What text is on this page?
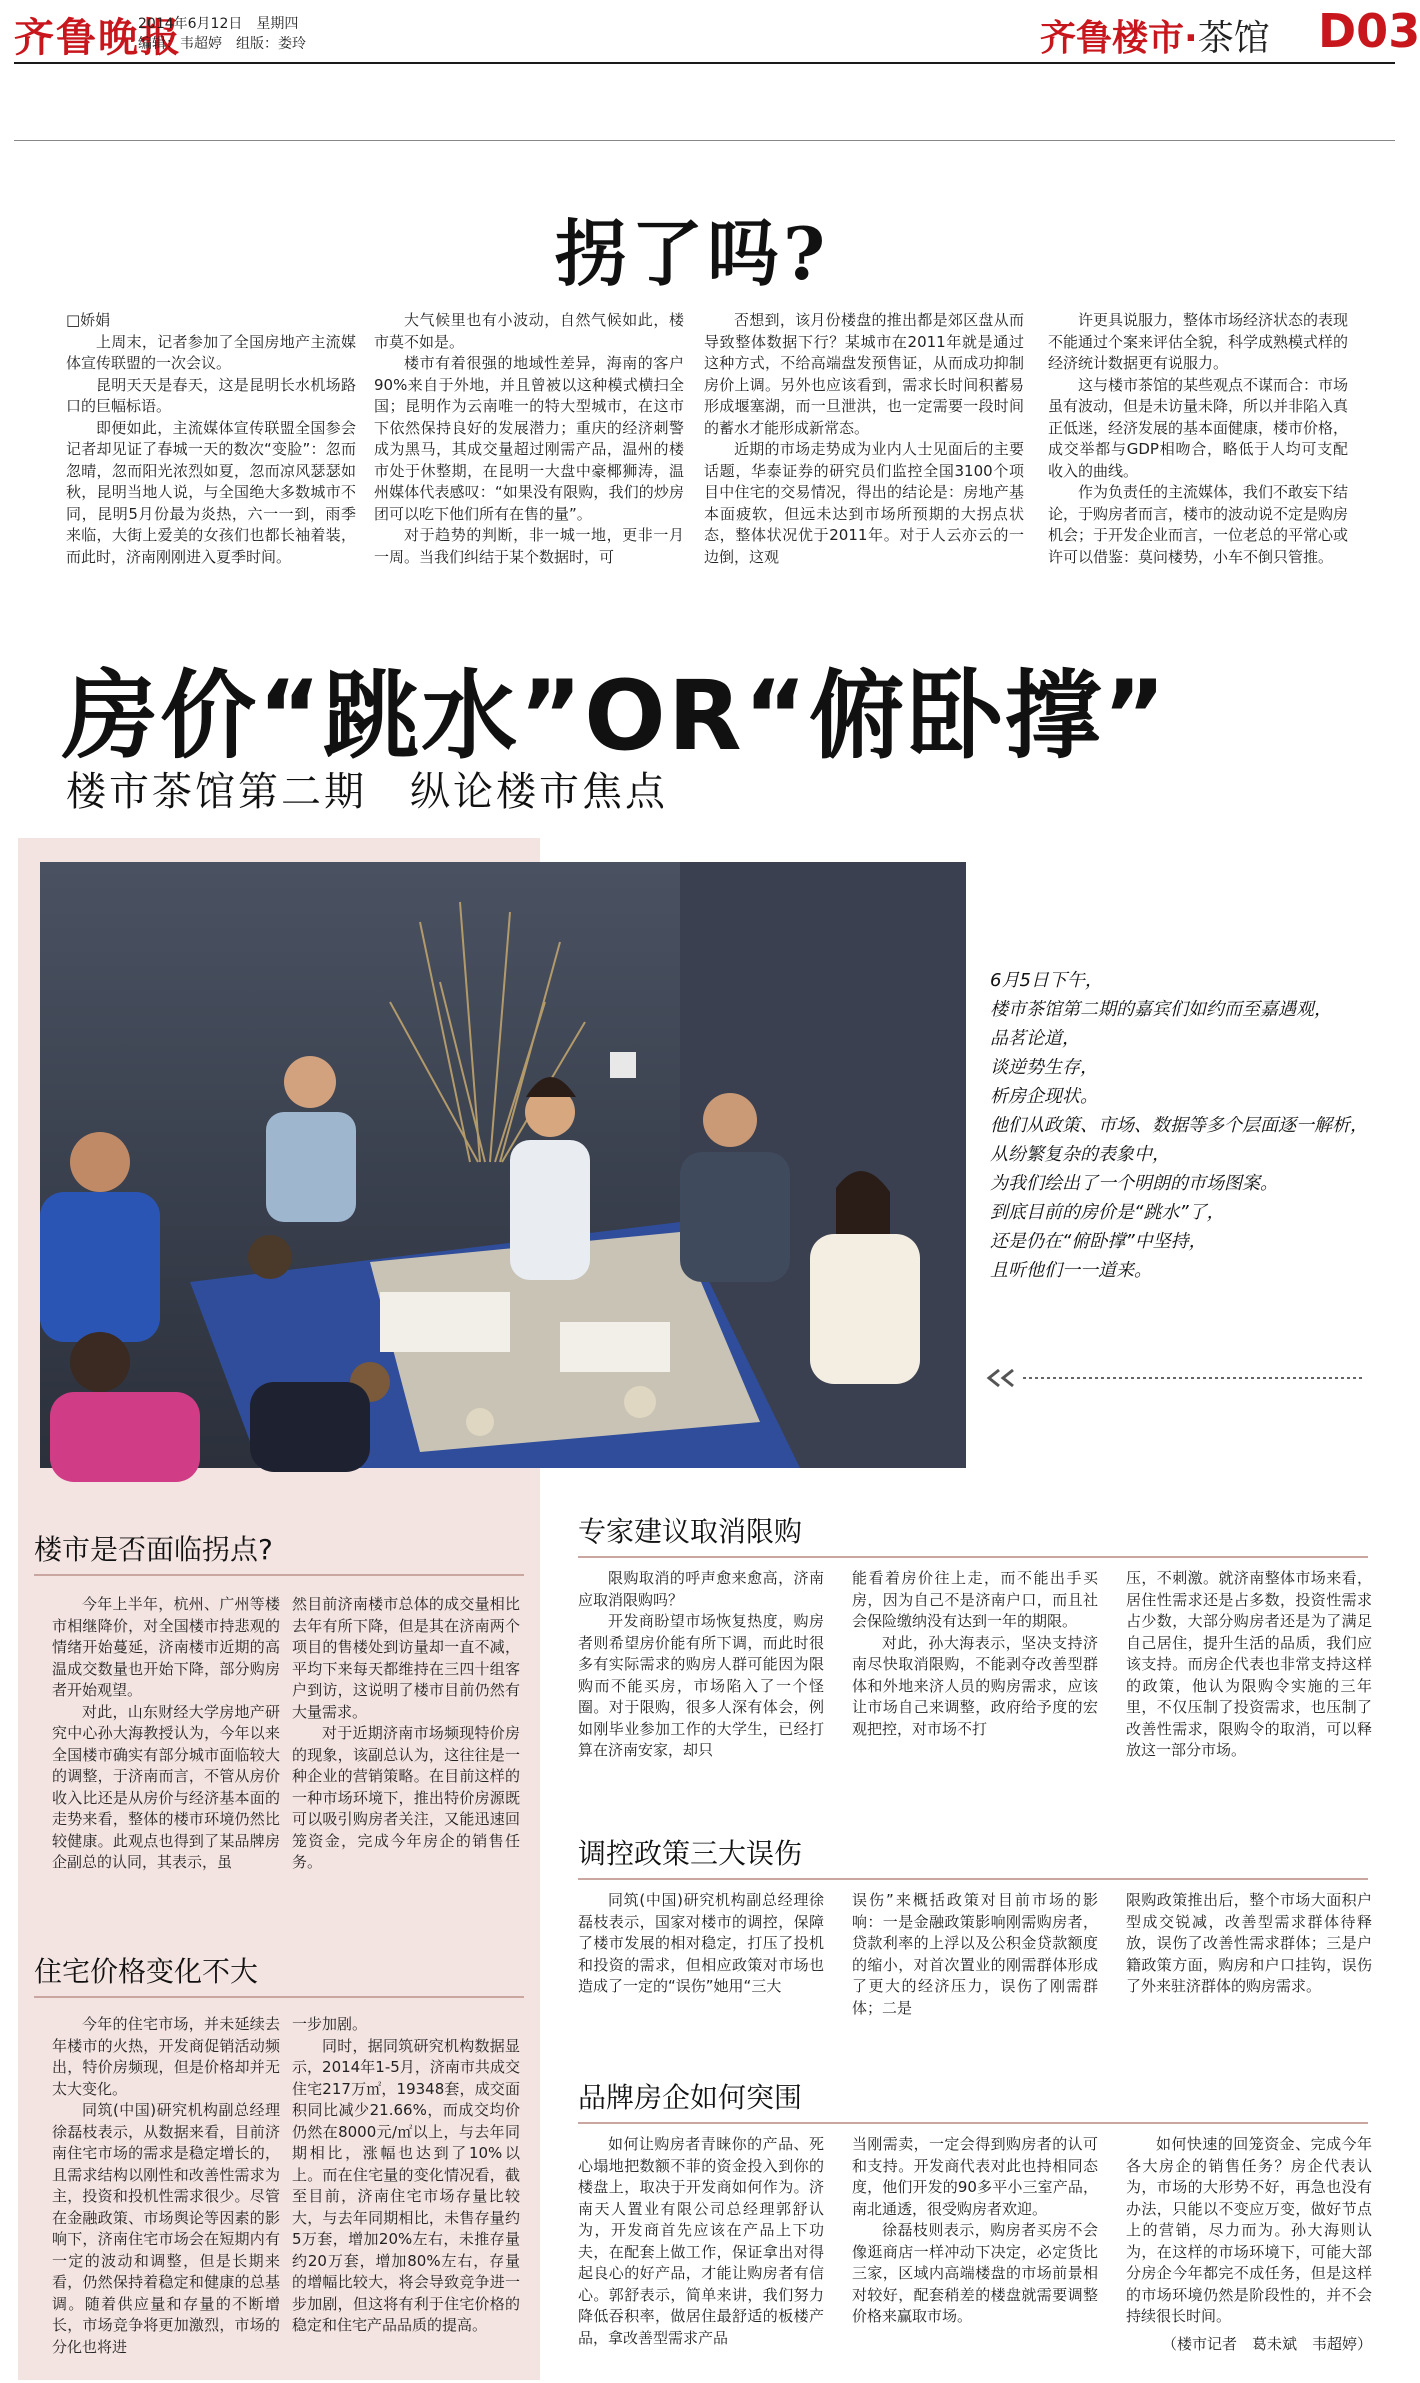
齐鲁晚报
2014年6月12日　星期四
编辑：韦超婷　组版：娄玲	齐鲁楼市·茶馆 D03
拐了吗?
□娇娟

上周末，记者参加了全国房地产主流媒体宣传联盟的一次会议。

昆明天天是春天，这是昆明长水机场路口的巨幅标语。

即便如此，主流媒体宣传联盟全国参会记者却见证了春城一天的数次“变脸”：忽而忽晴，忽而阳光浓烈如夏，忽而凉风瑟瑟如秋，昆明当地人说，与全国绝大多数城市不同，昆明5月份最为炎热，六一一到，雨季来临，大街上爱美的女孩们也都长袖着装，而此时，济南刚刚进入夏季时间。

大气候里也有小波动，自然气候如此，楼市莫不如是。

楼市有着很强的地域性差异，海南的客户90%来自于外地，并且曾被以这种模式横扫全国；昆明作为云南唯一的特大型城市，在这市下依然保持良好的发展潜力；重庆的经济刺警成为黑马，其成交量超过刚需产品，温州的楼市处于休整期，在昆明一大盘中豪椰狮涛，温州媒体代表感叹：“如果没有限购，我们的炒房团可以吃下他们所有在售的量”。

对于趋势的判断，非一城一地，更非一月一周。当我们纠结于某个数据时，可

否想到，该月份楼盘的推出都是郊区盘从而导致整体数据下行？某城市在2011年就是通过这种方式，不给高端盘发预售证，从而成功抑制房价上调。另外也应该看到，需求长时间积蓄易形成堰塞湖，而一旦泄洪，也一定需要一段时间的蓄水才能形成新常态。

近期的市场走势成为业内人士见面后的主要话题，华泰证券的研究员们监控全国3100个项目中住宅的交易情况，得出的结论是：房地产基本面疲软，但远未达到市场所预期的大拐点状态，整体状况优于2011年。对于人云亦云的一边倒，这观

许更具说服力，整体市场经济状态的表现不能通过个案来评估全貌，科学成熟模式样的经济统计数据更有说服力。

这与楼市茶馆的某些观点不谋而合：市场虽有波动，但是未访量未降，所以并非陷入真正低迷，经济发展的基本面健康，楼市价格，成交举都与GDP相吻合，略低于人均可支配收入的曲线。

作为负责任的主流媒体，我们不敢妄下结论，于购房者而言，楼市的波动说不定是购房机会；于开发企业而言，一位老总的平常心或许可以借鉴：莫问楼势，小车不倒只管推。

房价“跳水”OR“俯卧撑”
楼市茶馆第二期　纵论楼市焦点
6月5日下午，
楼市茶馆第二期的嘉宾们如约而至嘉遇观，
品茗论道，
谈逆势生存，
析房企现状。
他们从政策、市场、数据等多个层面逐一解析，
从纷繁复杂的表象中，
为我们绘出了一个明朗的市场图案。
到底目前的房价是“跳水”了，
还是仍在“俯卧撑”中坚持，
且听他们一一道来。
楼市是否面临拐点?

今年上半年，杭州、广州等楼市相继降价，对全国楼市持悲观的情绪开始蔓延，济南楼市近期的高温成交数量也开始下降，部分购房者开始观望。

对此，山东财经大学房地产研究中心孙大海教授认为，今年以来全国楼市确实有部分城市面临较大的调整，于济南而言，不管从房价收入比还是从房价与经济基本面的走势来看，整体的楼市环境仍然比较健康。此观点也得到了某品牌房企副总的认同，其表示，虽

然目前济南楼市总体的成交量相比去年有所下降，但是其在济南两个项目的售楼处到访量却一直不减，平均下来每天都维持在三四十组客户到访，这说明了楼市目前仍然有大量需求。

对于近期济南市场频现特价房的现象，该副总认为，这往往是一种企业的营销策略。在目前这样的一种市场环境下，推出特价房源既可以吸引购房者关注，又能迅速回笼资金，完成今年房企的销售任务。

住宅价格变化不大

今年的住宅市场，并未延续去年楼市的火热，开发商促销活动频出，特价房频现，但是价格却并无太大变化。

同筑(中国)研究机构副总经理徐磊枝表示，从数据来看，目前济南住宅市场的需求是稳定增长的，且需求结构以刚性和改善性需求为主，投资和投机性需求很少。尽管在金融政策、市场舆论等因素的影响下，济南住宅市场会在短期内有一定的波动和调整，但是长期来看，仍然保持着稳定和健康的总基调。随着供应量和存量的不断增长，市场竞争将更加激烈，市场的分化也将进

一步加剧。

同时，据同筑研究机构数据显示，2014年1-5月，济南市共成交住宅217万㎡，19348套，成交面积同比减少21.66%，而成交均价仍然在8000元/㎡以上，与去年同期相比，涨幅也达到了10%以上。而在住宅量的变化情况看，截至目前，济南住宅市场存量比较大，与去年同期相比，未售存量约5万套，增加20%左右，未推存量约20万套，增加80%左右，存量的增幅比较大，将会导致竞争进一步加剧，但这将有利于住宅价格的稳定和住宅产品品质的提高。

专家建议取消限购

限购取消的呼声愈来愈高，济南应取消限购吗？

开发商盼望市场恢复热度，购房者则希望房价能有所下调，而此时很多有实际需求的购房人群可能因为限购而不能买房，市场陷入了一个怪圈。对于限购，很多人深有体会，例如刚毕业参加工作的大学生，已经打算在济南安家，却只

能看着房价往上走，而不能出手买房，因为自己不是济南户口，而且社会保险缴纳没有达到一年的期限。

对此，孙大海表示，坚决支持济南尽快取消限购，不能剥夺改善型群体和外地来济人员的购房需求，应该让市场自己来调整，政府给予度的宏观把控，对市场不打

压，不刺激。就济南整体市场来看，居住性需求还是占多数，投资性需求占少数，大部分购房者还是为了满足自己居住，提升生活的品质，我们应该支持。而房企代表也非常支持这样的政策，他认为限购令实施的三年里，不仅压制了投资需求，也压制了改善性需求，限购令的取消，可以释放这一部分市场。

调控政策三大误伤

同筑(中国)研究机构副总经理徐磊枝表示，国家对楼市的调控，保障了楼市发展的相对稳定，打压了投机和投资的需求，但相应政策对市场也造成了一定的“误伤”她用“三大

误伤”来概括政策对目前市场的影响：一是金融政策影响刚需购房者，贷款利率的上浮以及公积金贷款额度的缩小，对首次置业的刚需群体形成了更大的经济压力，误伤了刚需群体；二是

限购政策推出后，整个市场大面积户型成交锐减，改善型需求群体待释放，误伤了改善性需求群体；三是户籍政策方面，购房和户口挂钩，误伤了外来驻济群体的购房需求。

品牌房企如何突围

如何让购房者青睐你的产品、死心塌地把数额不菲的资金投入到你的楼盘上，取决于开发商如何作为。济南天人置业有限公司总经理郭舒认为，开发商首先应该在产品上下功夫，在配套上做工作，保证拿出对得起良心的好产品，才能让购房者有信心。郭舒表示，简单来讲，我们努力降低吞积率，做居住最舒适的板楼产品，拿改善型需求产品

当刚需卖，一定会得到购房者的认可和支持。开发商代表对此也持相同态度，他们开发的90多平小三室产品，南北通透，很受购房者欢迎。

徐磊枝则表示，购房者买房不会像逛商店一样冲动下决定，必定货比三家，区域内高端楼盘的市场前景相对较好，配套稍差的楼盘就需要调整价格来赢取市场。

如何快速的回笼资金、完成今年各大房企的销售任务？房企代表认为，市场的大形势不好，再急也没有办法，只能以不变应万变，做好节点上的营销，尽力而为。孙大海则认为，在这样的市场环境下，可能大部分房企今年都完不成任务，但是这样的市场环境仍然是阶段性的，并不会持续很长时间。

（楼市记者　葛未斌　韦超婷）
